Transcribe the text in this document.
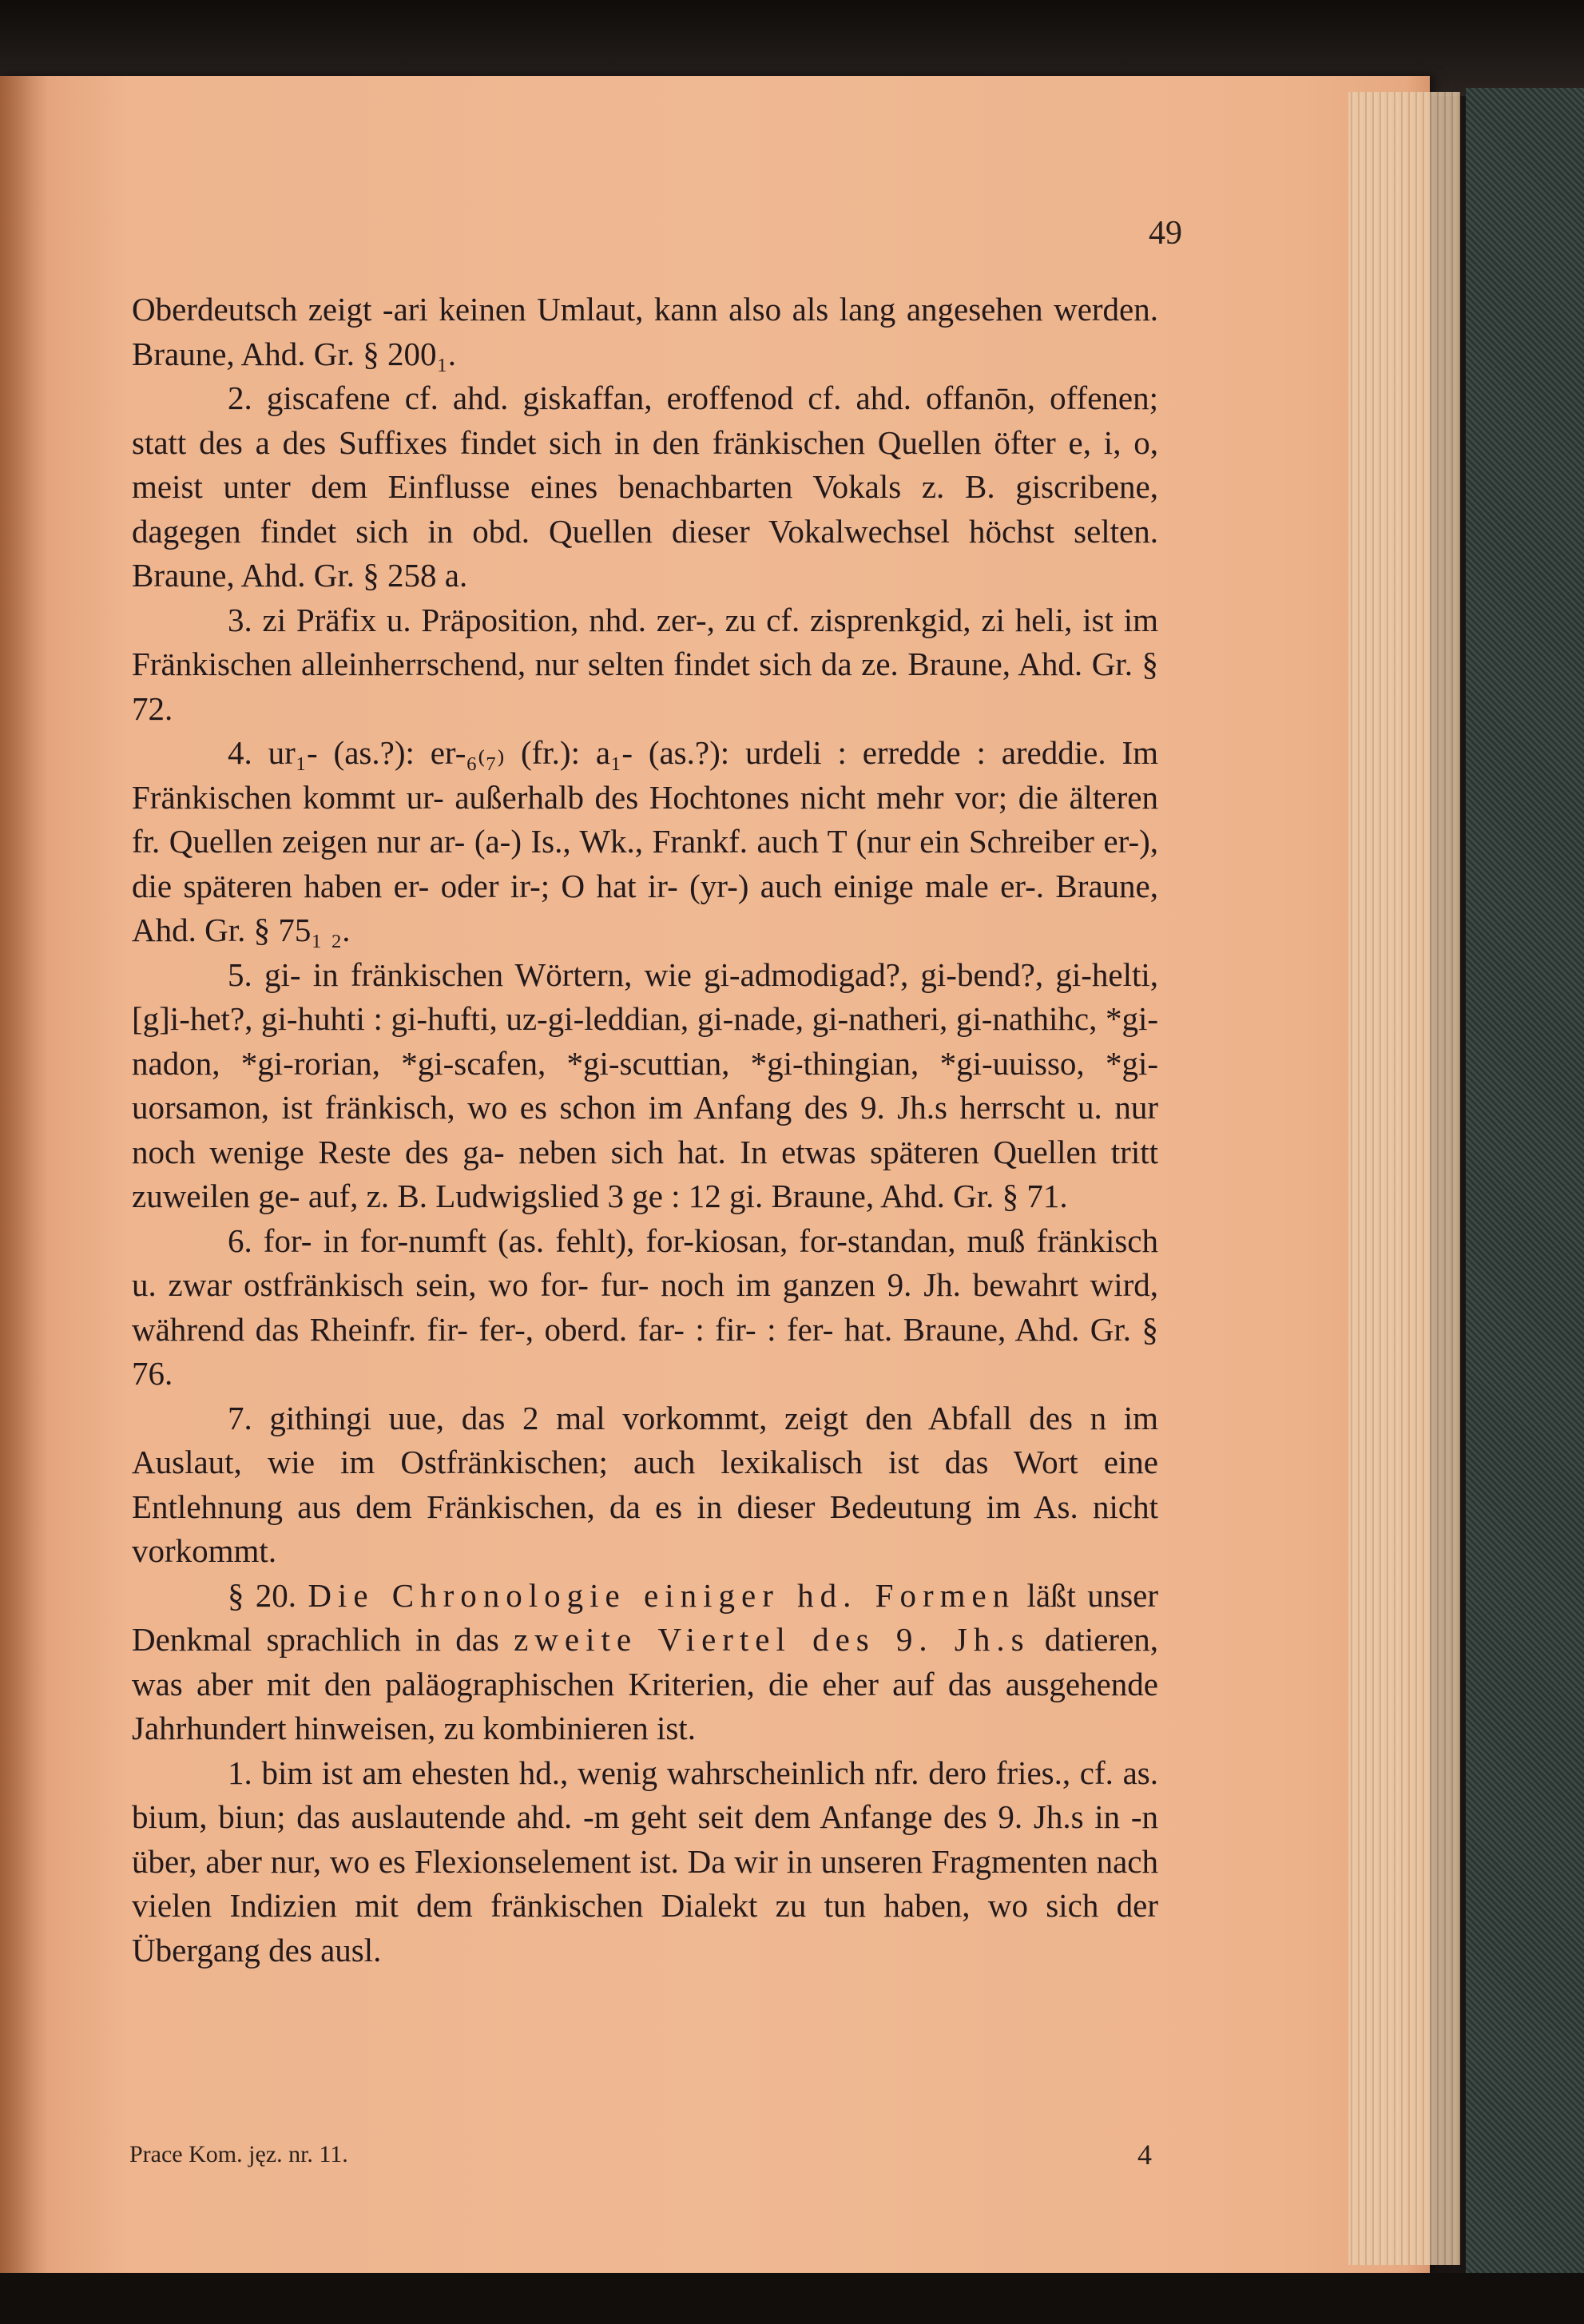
49

Oberdeutsch zeigt -ari keinen Umlaut, kann also als lang angesehen werden. Braune, Ahd. Gr. § 200₁.

2. giscafene cf. ahd. giskaffan, eroffenod cf. ahd. offanōn, offenen; statt des a des Suffixes findet sich in den fränkischen Quellen öfter e, i, o, meist unter dem Einflusse eines benachbarten Vokals z. B. giscribene, dagegen findet sich in obd. Quellen dieser Vokalwechsel höchst selten. Braune, Ahd. Gr. § 258 a.

3. zi Präfix u. Präposition, nhd. zer-, zu cf. zisprenkgid, zi heli, ist im Fränkischen alleinherrschend, nur selten findet sich da ze. Braune, Ahd. Gr. § 72.

4. ur₁- (as.?): er-₆₍₇₎ (fr.): a₁- (as.?): urdeli : erredde : areddie. Im Fränkischen kommt ur- außerhalb des Hochtones nicht mehr vor; die älteren fr. Quellen zeigen nur ar- (a-) Is., Wk., Frankf. auch T (nur ein Schreiber er-), die späteren haben er- oder ir-; O hat ir- (yr-) auch einige male er-. Braune, Ahd. Gr. § 75₁ ₂.

5. gi- in fränkischen Wörtern, wie gi-admodigad?, gi-bend?, gi-helti, [g]i-het?, gi-huhti : gi-hufti, uz-gi-leddian, gi-nade, gi-natheri, gi-nathihc, *gi-nadon, *gi-rorian, *gi-scafen, *gi-scuttian, *gi-thingian, *gi-uuisso, *gi-uorsamon, ist fränkisch, wo es schon im Anfang des 9. Jh.s herrscht u. nur noch wenige Reste des ga- neben sich hat. In etwas späteren Quellen tritt zuweilen ge- auf, z. B. Ludwigslied 3 ge : 12 gi. Braune, Ahd. Gr. § 71.

6. for- in for-numft (as. fehlt), for-kiosan, for-standan, muß fränkisch u. zwar ostfränkisch sein, wo for- fur- noch im ganzen 9. Jh. bewahrt wird, während das Rheinfr. fir- fer-, oberd. far- : fir- : fer- hat. Braune, Ahd. Gr. § 76.

7. githingi uue, das 2 mal vorkommt, zeigt den Abfall des n im Auslaut, wie im Ostfränkischen; auch lexikalisch ist das Wort eine Entlehnung aus dem Fränkischen, da es in dieser Bedeutung im As. nicht vorkommt.

§ 20. Die Chronologie einiger hd. Formen läßt unser Denkmal sprachlich in das zweite Viertel des 9. Jh.s datieren, was aber mit den paläographischen Kriterien, die eher auf das ausgehende Jahrhundert hinweisen, zu kombinieren ist.

1. bim ist am ehesten hd., wenig wahrscheinlich nfr. dero fries., cf. as. bium, biun; das auslautende ahd. -m geht seit dem Anfange des 9. Jh.s in -n über, aber nur, wo es Flexionselement ist. Da wir in unseren Fragmenten nach vielen Indizien mit dem fränkischen Dialekt zu tun haben, wo sich der Übergang des ausl.

Prace Kom. jęz. nr. 11.	4
